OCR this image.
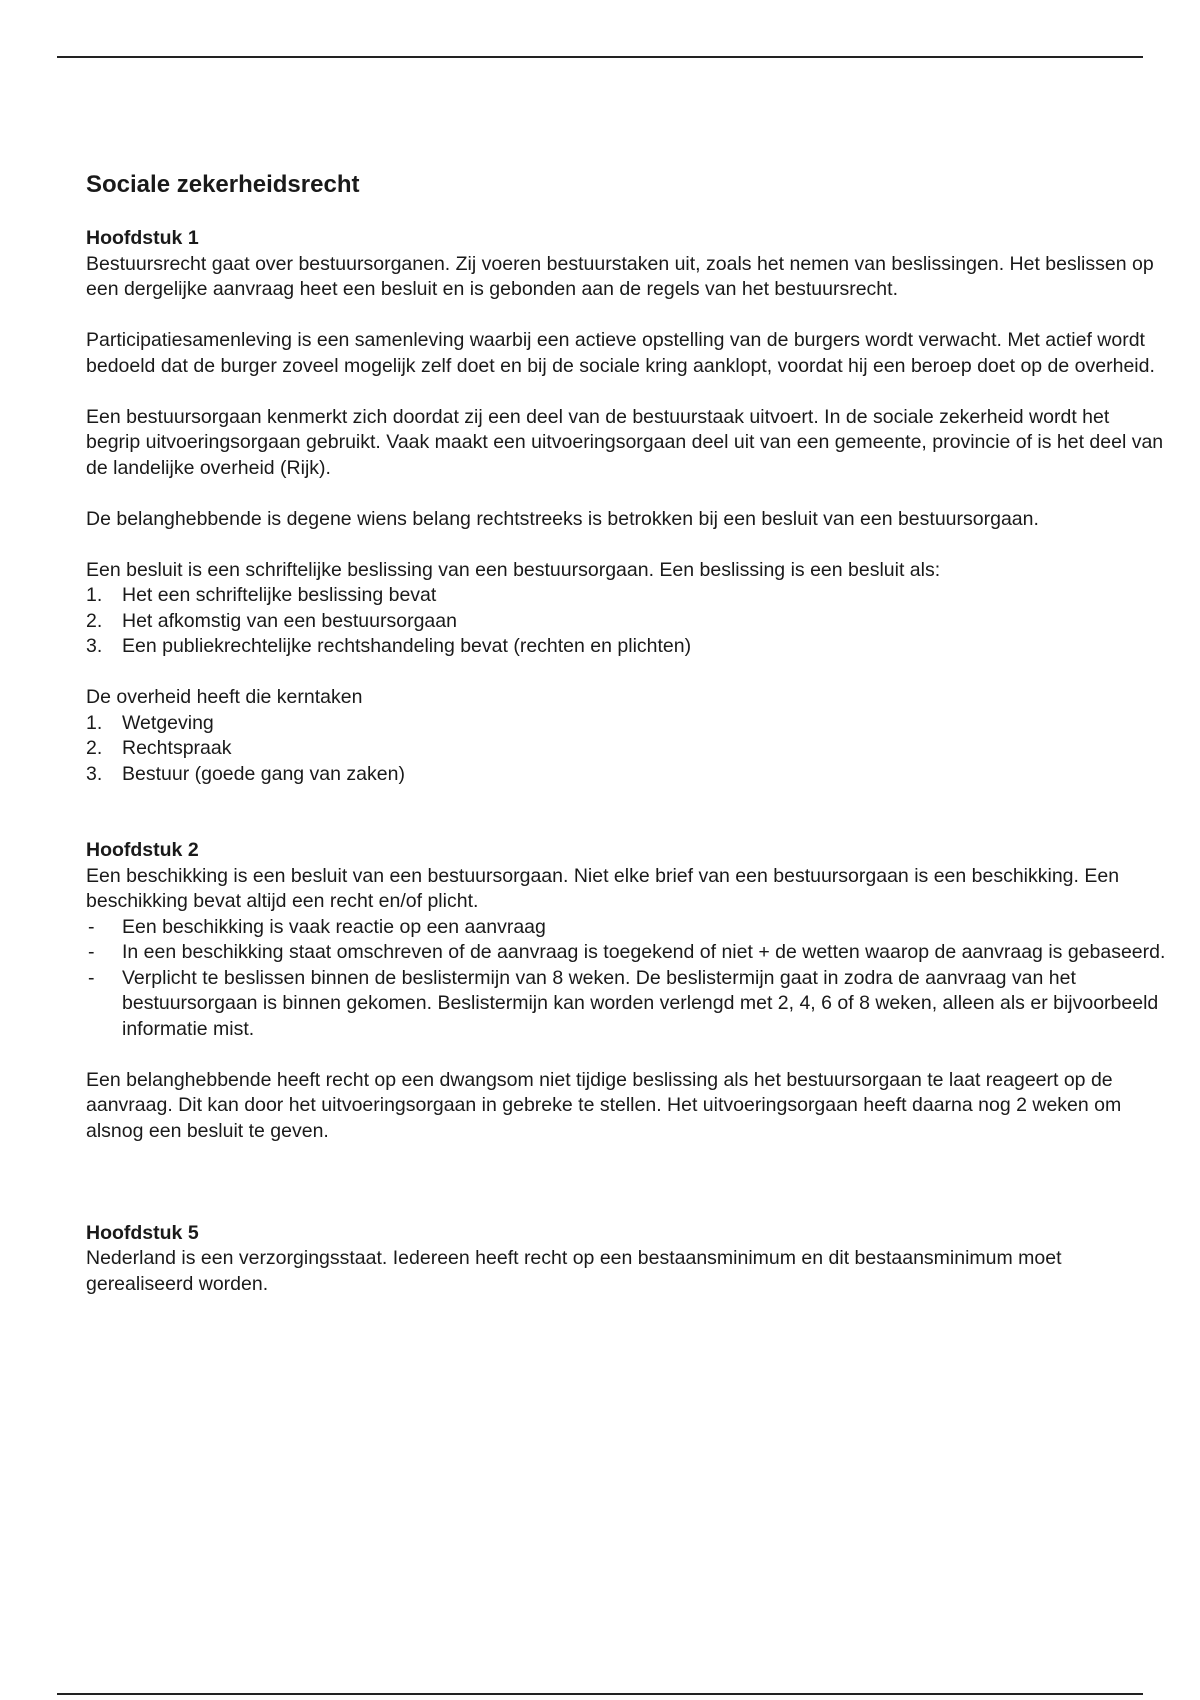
Sociale zekerheidsrecht
Hoofdstuk 1

Bestuursrecht gaat over bestuursorganen. Zij voeren bestuurstaken uit, zoals het nemen van beslissingen. Het beslissen op een dergelijke aanvraag heet een besluit en is gebonden aan de regels van het bestuursrecht.

Participatiesamenleving is een samenleving waarbij een actieve opstelling van de burgers wordt verwacht. Met actief wordt bedoeld dat de burger zoveel mogelijk zelf doet en bij de sociale kring aanklopt, voordat hij een beroep doet op de overheid.

Een bestuursorgaan kenmerkt zich doordat zij een deel van de bestuurstaak uitvoert. In de sociale zekerheid wordt het begrip uitvoeringsorgaan gebruikt. Vaak maakt een uitvoeringsorgaan deel uit van een gemeente, provincie of is het deel van de landelijke overheid (Rijk).

De belanghebbende is degene wiens belang rechtstreeks is betrokken bij een besluit van een bestuursorgaan.

Een besluit is een schriftelijke beslissing van een bestuursorgaan. Een beslissing is een besluit als:

1. Het een schriftelijke beslissing bevat
2. Het afkomstig van een bestuursorgaan
3. Een publiekrechtelijke rechtshandeling bevat (rechten en plichten)

De overheid heeft die kerntaken

1. Wetgeving
2. Rechtspraak
3. Bestuur (goede gang van zaken)
Hoofdstuk 2

Een beschikking is een besluit van een bestuursorgaan. Niet elke brief van een bestuursorgaan is een beschikking. Een beschikking bevat altijd een recht en/of plicht.

- Een beschikking is vaak reactie op een aanvraag
- In een beschikking staat omschreven of de aanvraag is toegekend of niet + de wetten waarop de aanvraag is gebaseerd.
- Verplicht te beslissen binnen de beslistermijn van 8 weken. De beslistermijn gaat in zodra de aanvraag van het bestuursorgaan is binnen gekomen. Beslistermijn kan worden verlengd met 2, 4, 6 of 8 weken, alleen als er bijvoorbeeld informatie mist.

Een belanghebbende heeft recht op een dwangsom niet tijdige beslissing als het bestuursorgaan te laat reageert op de aanvraag. Dit kan door het uitvoeringsorgaan in gebreke te stellen. Het uitvoeringsorgaan heeft daarna nog 2 weken om alsnog een besluit te geven.

Hoofdstuk 5

Nederland is een verzorgingsstaat. Iedereen heeft recht op een bestaansminimum en dit bestaansminimum moet gerealiseerd worden.
